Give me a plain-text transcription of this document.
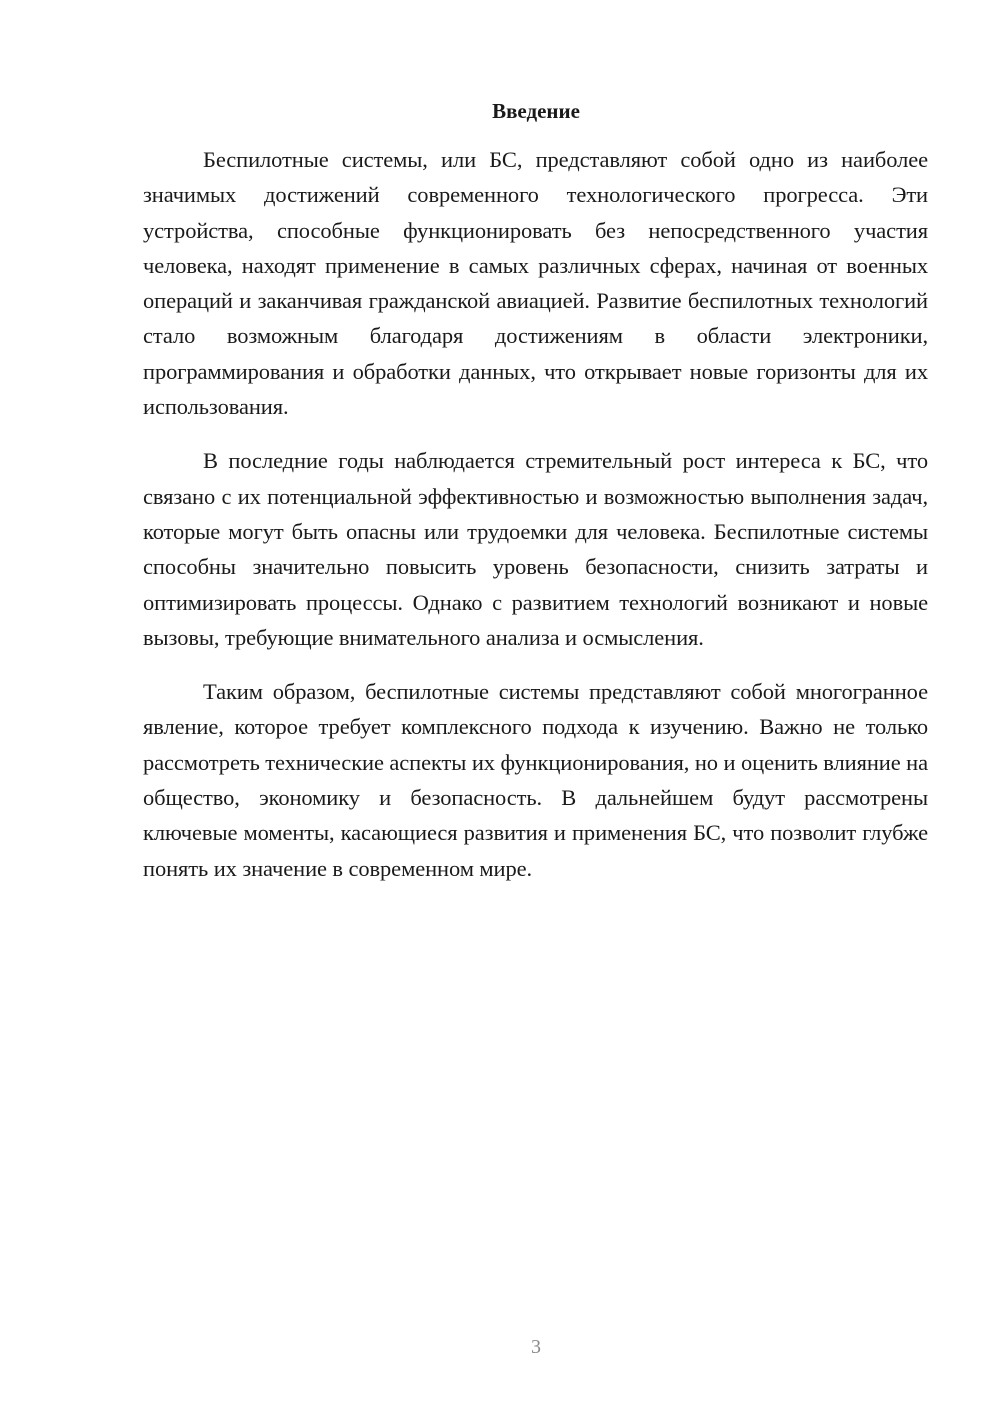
Введение

Беспилотные системы, или БС, представляют собой одно из наиболее значимых достижений современного технологического прогресса. Эти устройства, способные функционировать без непосредственного участия человека, находят применение в самых различных сферах, начиная от военных операций и заканчивая гражданской авиацией. Развитие беспилотных технологий стало возможным благодаря достижениям в области электроники, программирования и обработки данных, что открывает новые горизонты для их использования.

В последние годы наблюдается стремительный рост интереса к БС, что связано с их потенциальной эффективностью и возможностью выполнения задач, которые могут быть опасны или трудоемки для человека. Беспилотные системы способны значительно повысить уровень безопасности, снизить затраты и оптимизировать процессы. Однако с развитием технологий возникают и новые вызовы, требующие внимательного анализа и осмысления.

Таким образом, беспилотные системы представляют собой многогранное явление, которое требует комплексного подхода к изучению. Важно не только рассмотреть технические аспекты их функционирования, но и оценить влияние на общество, экономику и безопасность. В дальнейшем будут рассмотрены ключевые моменты, касающиеся развития и применения БС, что позволит глубже понять их значение в современном мире.

3
